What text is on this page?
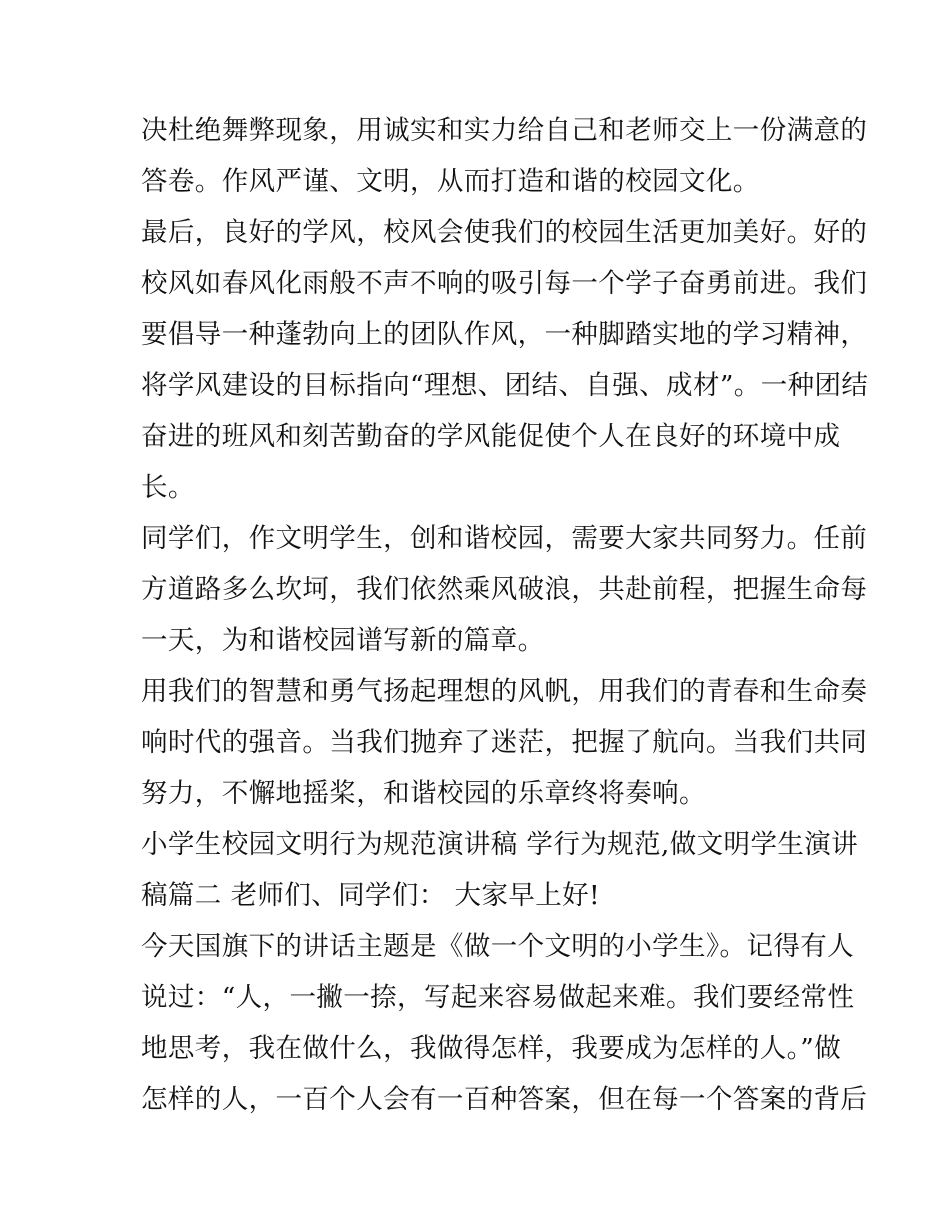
决杜绝舞弊现象，用诚实和实力给自己和老师交上一份满意的
答卷。作风严谨、文明，从而打造和谐的校园文化。
最后，良好的学风，校风会使我们的校园生活更加美好。好的
校风如春风化雨般不声不响的吸引每一个学子奋勇前进。我们
要倡导一种蓬勃向上的团队作风，一种脚踏实地的学习精神，
将学风建设的目标指向“理想、团结、自强、成材”。一种团结
奋进的班风和刻苦勤奋的学风能促使个人在良好的环境中成
长。
同学们，作文明学生，创和谐校园，需要大家共同努力。任前
方道路多么坎坷，我们依然乘风破浪，共赴前程，把握生命每
一天，为和谐校园谱写新的篇章。
用我们的智慧和勇气扬起理想的风帆，用我们的青春和生命奏
响时代的强音。当我们抛弃了迷茫，把握了航向。当我们共同
努力，不懈地摇桨，和谐校园的乐章终将奏响。
小学生校园文明行为规范演讲稿 学行为规范,做文明学生演讲
稿篇二 老师们、同学们： 大家早上好!
今天国旗下的讲话主题是《做一个文明的小学生》。记得有人
说过：“人，一撇一捺，写起来容易做起来难。我们要经常性
地思考，我在做什么，我做得怎样，我要成为怎样的人。”做
怎样的人，一百个人会有一百种答案，但在每一个答案的背后
